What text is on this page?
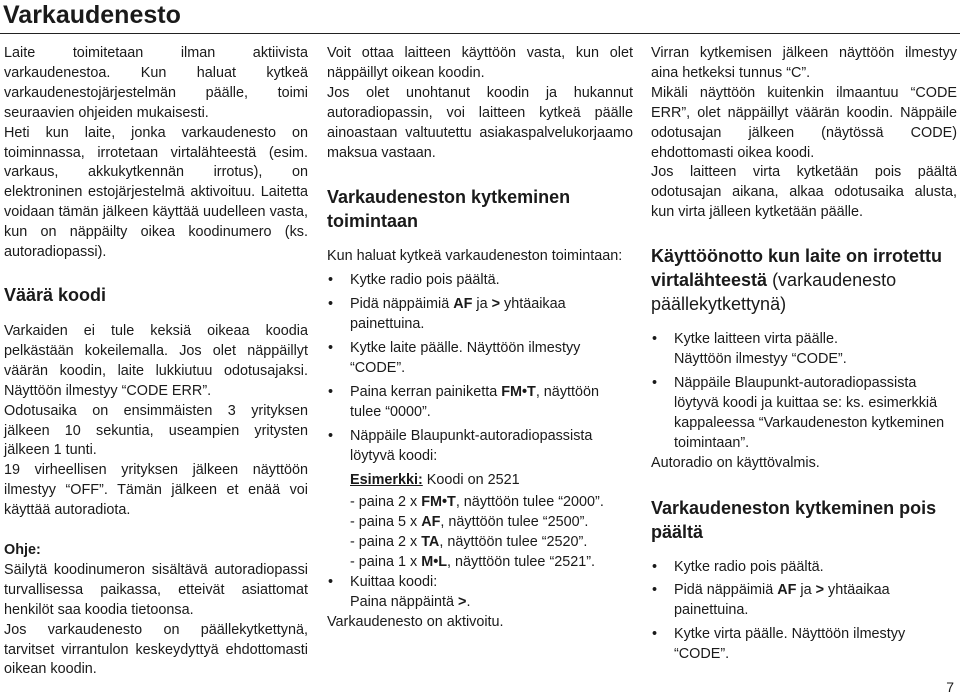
Varkaudenesto

Laite toimitetaan ilman aktiivista varkaudenestoa. Kun haluat kytkeä varkaudenestojärjestelmän päälle, toimi seuraavien ohjeiden mukaisesti.

Heti kun laite, jonka varkaudenesto on toiminnassa, irrotetaan virtalähteestä (esim. varkaus, akkukytkennän irrotus), on elektroninen estojärjestelmä aktivoituu. Laitetta voidaan tämän jälkeen käyttää uudelleen vasta, kun on näppäilty oikea koodinumero (ks. autoradiopassi).

Väärä koodi

Varkaiden ei tule keksiä oikeaa koodia pelkästään kokeilemalla. Jos olet näppäillyt väärän koodin, laite lukkiutuu odotusajaksi. Näyttöön ilmestyy “CODE ERR”.

Odotusaika on ensimmäisten 3 yrityksen jälkeen 10 sekuntia, useampien yritysten jälkeen 1 tunti.

19 virheellisen yrityksen jälkeen näyttöön ilmestyy “OFF”. Tämän jälkeen et enää voi käyttää autoradiota.

Ohje:

Säilytä koodinumeron sisältävä autoradiopassi turvallisessa paikassa, etteivät asiattomat henkilöt saa koodia tietoonsa.

Jos varkaudenesto on päällekytkettynä, tarvitset virrantulon keskeydyttyä ehdottomasti oikean koodin.

Voit ottaa laitteen käyttöön vasta, kun olet näppäillyt oikean koodin.

Jos olet unohtanut koodin ja hukannut autoradiopassin, voi laitteen kytkeä päälle ainoastaan valtuutettu asiakaspalvelukorjaamo maksua vastaan.

Varkaudeneston kytkeminen toimintaan

Kun haluat kytkeä varkaudeneston toimintaan:

• Kytke radio pois päältä.
• Pidä näppäimiä AF ja > yhtäaikaa painettuina.
• Kytke laite päälle. Näyttöön ilmestyy “CODE”.
• Paina kerran painiketta FM•T, näyttöön tulee “0000”.
• Näppäile Blaupunkt-autoradiopassista löytyvä koodi:
Esimerkki: Koodi on 2521
- paina 2 x FM•T, näyttöön tulee “2000”.
- paina 5 x AF, näyttöön tulee “2500”.
- paina 2 x TA, näyttöön tulee “2520”.
- paina 1 x M•L, näyttöön tulee “2521”.
• Kuittaa koodi:
Paina näppäintä >.

Varkaudenesto on aktivoitu.

Virran kytkemisen jälkeen näyttöön ilmestyy aina hetkeksi tunnus “C”.

Mikäli näyttöön kuitenkin ilmaantuu “CODE ERR”, olet näppäillyt väärän koodin. Näppäile odotusajan jälkeen (näytössä CODE) ehdottomasti oikea koodi.

Jos laitteen virta kytketään pois päältä odotusajan aikana, alkaa odotusaika alusta, kun virta jälleen kytketään päälle.

Käyttöönotto kun laite on irrotettu virtalähteestä (varkaudenesto päällekytkettynä)

• Kytke laitteen virta päälle.
Näyttöön ilmestyy “CODE”.
• Näppäile Blaupunkt-autoradiopassista löytyvä koodi ja kuittaa se: ks. esimerkkiä kappaleessa “Varkaudeneston kytkeminen toimintaan”.

Autoradio on käyttövalmis.

Varkaudeneston kytkeminen pois päältä

• Kytke radio pois päältä.
• Pidä näppäimiä AF ja > yhtäaikaa painettuina.
• Kytke virta päälle. Näyttöön ilmestyy “CODE”.
7
